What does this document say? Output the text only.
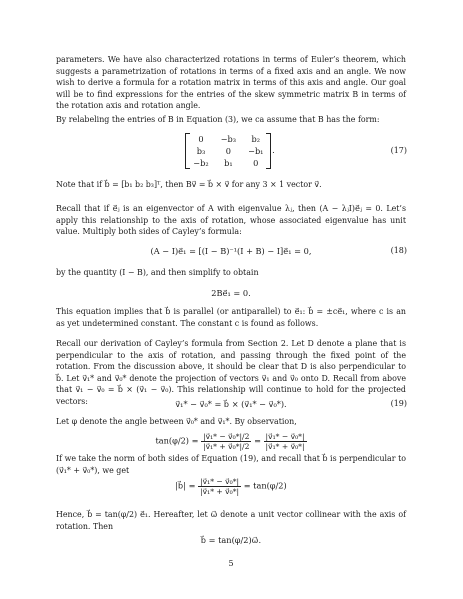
parameters. We have also characterized rotations in terms of Euler’s theorem, which suggests a parametrization of rotations in terms of a fixed axis and an angle. We now wish to derive a formula for a rotation matrix in terms of this axis and angle. Our goal will be to find expressions for the entries of the skew symmetric matrix B in terms of the rotation axis and rotation angle.

By relabeling the entries of B in Equation (3), we ca assume that B has the form:

0	−b₃	b₂
b₃	0	−b₁
−b₂	b₁	0
.	(17)

Note that if b⃗ = [b₁ b₂ b₃]ᵀ, then Bv⃗ = b⃗ × v⃗ for any 3 × 1 vector v⃗.

Recall that if e⃗ⱼ is an eigenvector of A with eigenvalue λⱼ, then (A − λⱼI)e⃗ⱼ = 0. Let’s apply this relationship to the axis of rotation, whose associated eigenvalue has unit value. Multiply both sides of Cayley’s formula:

(A − I)e⃗₁ = [(I − B)⁻¹(I + B) − I]e⃗₁ = 0,	(18)

by the quantity (I − B), and then simplify to obtain

2Be⃗₁ = 0.

This equation implies that b⃗ is parallel (or antiparallel) to e⃗₁: b⃗ = ±ce⃗₁, where c is an as yet undetermined constant. The constant c is found as follows.

Recall our derivation of Cayley’s formula from Section 2. Let D denote a plane that is perpendicular to the axis of rotation, and passing through the fixed point of the rotation. From the discussion above, it should be clear that D is also perpendicular to b⃗. Let v⃗₁* and v⃗₀* denote the projection of vectors v⃗₁ and v⃗₀ onto D. Recall from above that v⃗₁ − v⃗₀ = b⃗ × (v⃗₁ − v⃗₀). This relationship will continue to hold for the projected vectors:	v⃗₁* − v⃗₀* = b⃗ × (v⃗₁* − v⃗₀*).	(19)

Let φ denote the angle between v⃗₀* and v⃗₁*. By observation,

$\tan(\varphi/2) = \frac{\text{|v⃗₁* − v⃗₀*|/2}}{\text{|v⃗₁* + v⃗₀*|/2}} = \frac{\text{|v⃗₁* − v⃗₀*|}}{\text{|v⃗₁* + v⃗₀*|}}$

If we take the norm of both sides of Equation (19), and recall that b⃗ is perpendicular to (v⃗₁* + v⃗₀*), we get

|b⃗| = $\frac{\text{|v⃗₁* − v⃗₀*|}}{\text{|v⃗₁* + v⃗₀*|}} = \tan(\varphi/2)$

Hence, b⃗ = tan(φ/2) e⃗₁. Hereafter, let ω⃗ denote a unit vector collinear with the axis of rotation. Then

b⃗ = tan(φ/2)ω⃗.
5
